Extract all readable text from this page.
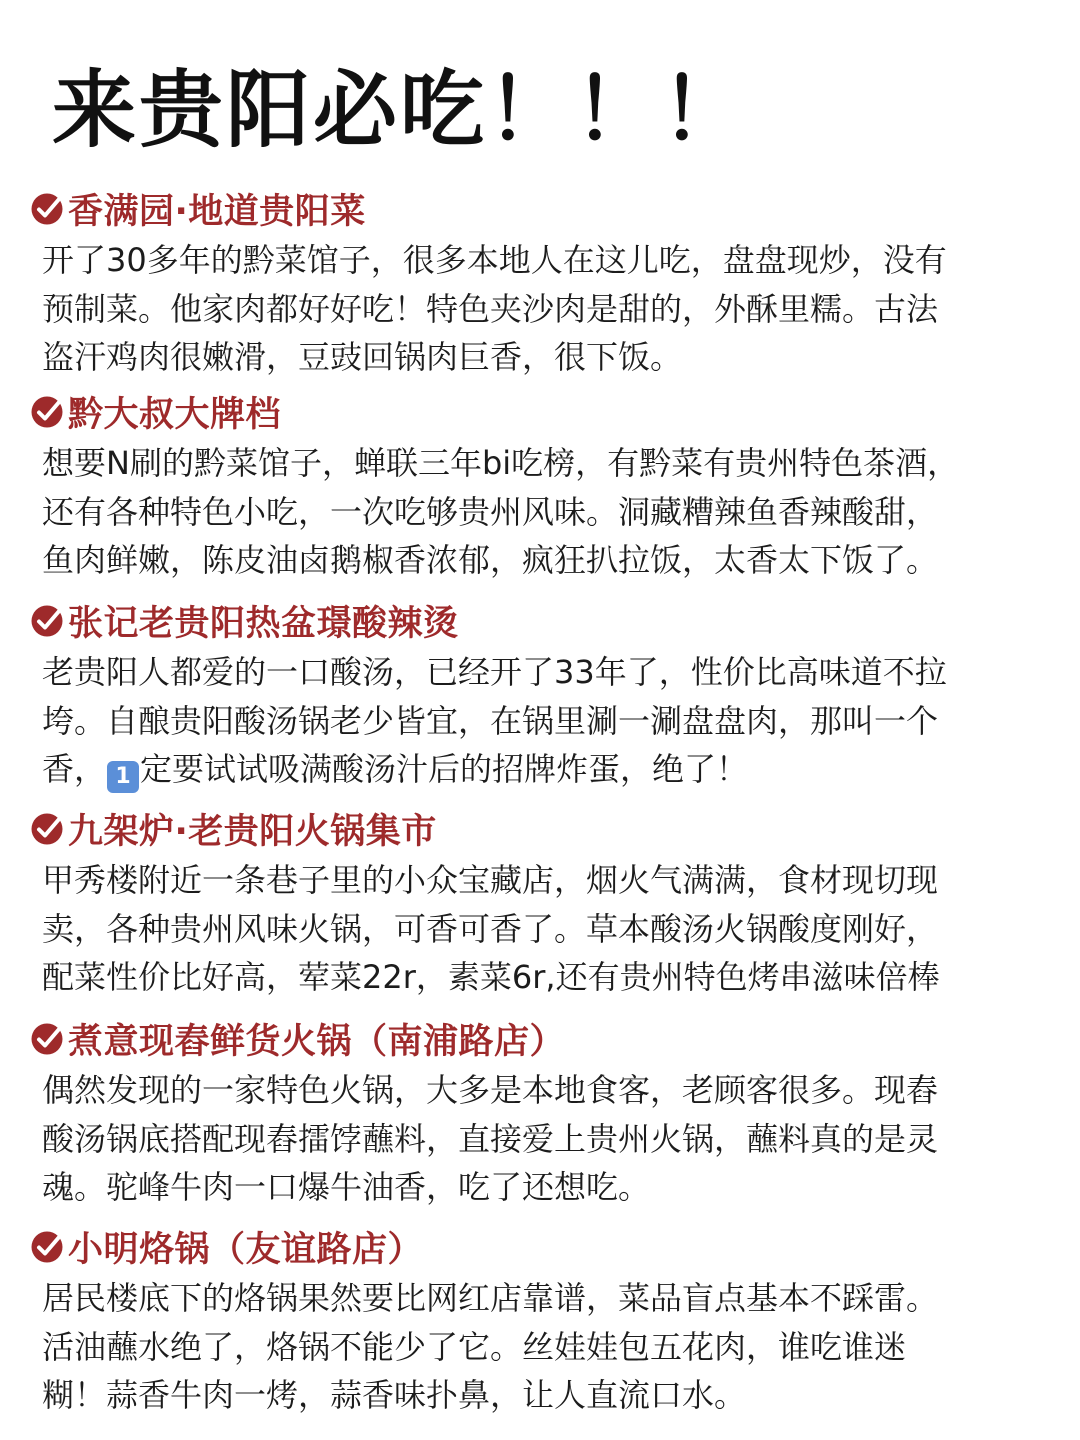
来贵阳必吃！！！
香满园·地道贵阳菜
开了30多年的黔菜馆子，很多本地人在这儿吃，盘盘现炒，没有
预制菜。他家肉都好好吃！特色夹沙肉是甜的，外酥里糯。古法
盗汗鸡肉很嫩滑，豆豉回锅肉巨香，很下饭。
黔大叔大牌档
想要N刷的黔菜馆子，蝉联三年bi吃榜，有黔菜有贵州特色茶酒，
还有各种特色小吃，一次吃够贵州风味。洞藏糟辣鱼香辣酸甜，
鱼肉鲜嫩，陈皮油卤鹅椒香浓郁，疯狂扒拉饭，太香太下饭了。
张记老贵阳热盆璟酸辣烫
老贵阳人都爱的一口酸汤，已经开了33年了，性价比高味道不拉
垮。自酿贵阳酸汤锅老少皆宜，在锅里涮一涮盘盘肉，那叫一个
香， 1 定要试试吸满酸汤汁后的招牌炸蛋，绝了！
九架炉·老贵阳火锅集市
甲秀楼附近一条巷子里的小众宝藏店，烟火气满满，食材现切现
卖，各种贵州风味火锅，可香可香了。草本酸汤火锅酸度刚好，
配菜性价比好高，荤菜22r，素菜6r,还有贵州特色烤串滋味倍棒
煮意现舂鲜货火锅（南浦路店）
偶然发现的一家特色火锅，大多是本地食客，老顾客很多。现舂
酸汤锅底搭配现舂擂饽蘸料，直接爱上贵州火锅，蘸料真的是灵
魂。驼峰牛肉一口爆牛油香，吃了还想吃。
小明烙锅（友谊路店）
居民楼底下的烙锅果然要比网红店靠谱，菜品盲点基本不踩雷。
活油蘸水绝了，烙锅不能少了它。丝娃娃包五花肉，谁吃谁迷
糊！蒜香牛肉一烤，蒜香味扑鼻，让人直流口水。
